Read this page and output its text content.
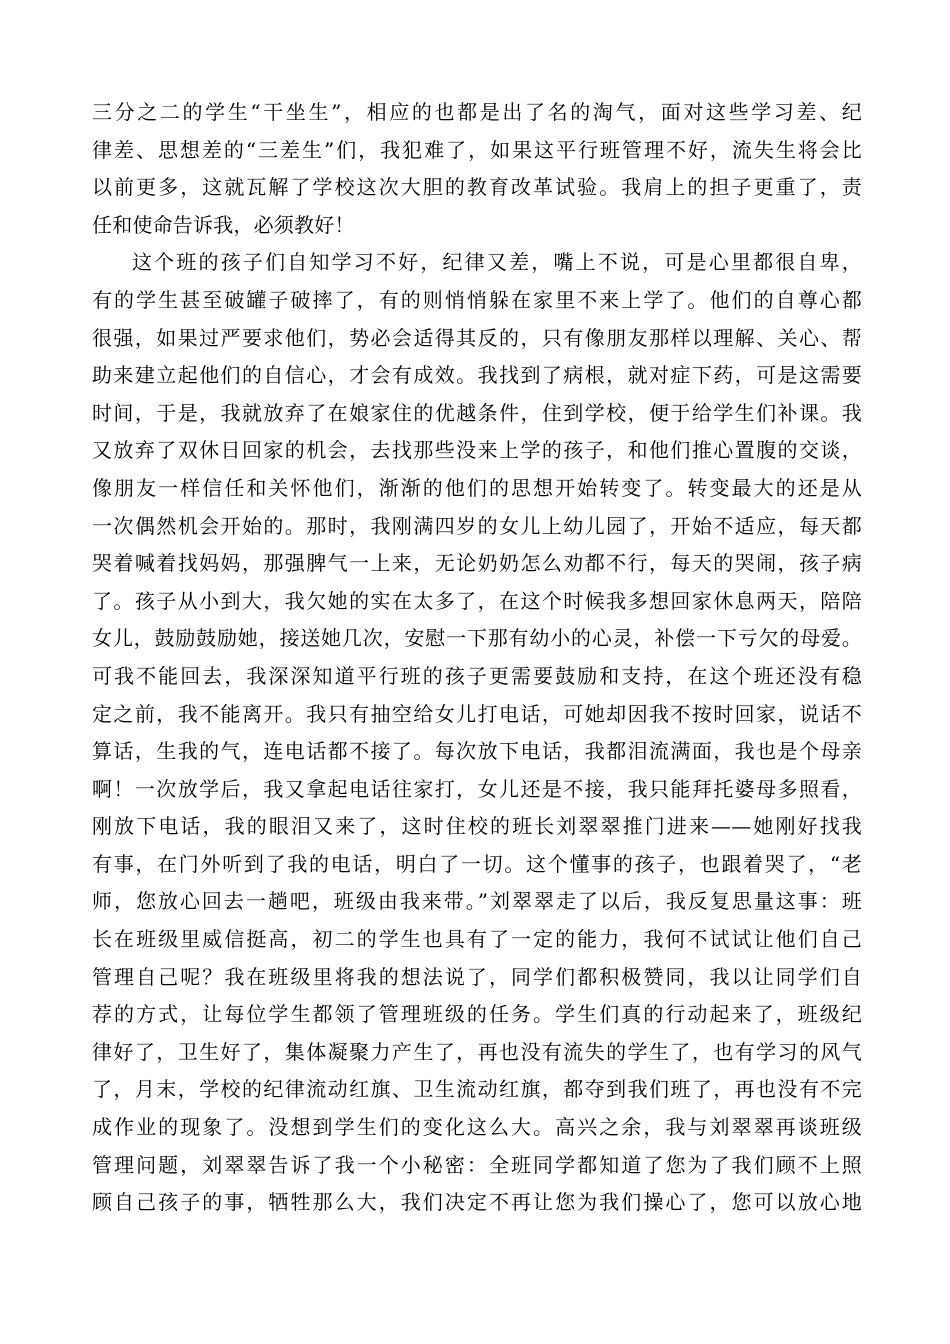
三分之二的学生“干坐生”，相应的也都是出了名的淘气，面对这些学习差、纪
律差、思想差的“三差生”们，我犯难了，如果这平行班管理不好，流失生将会比
以前更多，这就瓦解了学校这次大胆的教育改革试验。我肩上的担子更重了，责
任和使命告诉我，必须教好！
这个班的孩子们自知学习不好，纪律又差，嘴上不说，可是心里都很自卑，
有的学生甚至破罐子破摔了，有的则悄悄躲在家里不来上学了。他们的自尊心都
很强，如果过严要求他们，势必会适得其反的，只有像朋友那样以理解、关心、帮
助来建立起他们的自信心，才会有成效。我找到了病根，就对症下药，可是这需要
时间，于是，我就放弃了在娘家住的优越条件，住到学校，便于给学生们补课。我
又放弃了双休日回家的机会，去找那些没来上学的孩子，和他们推心置腹的交谈，
像朋友一样信任和关怀他们，渐渐的他们的思想开始转变了。转变最大的还是从
一次偶然机会开始的。那时，我刚满四岁的女儿上幼儿园了，开始不适应，每天都
哭着喊着找妈妈，那强脾气一上来，无论奶奶怎么劝都不行，每天的哭闹，孩子病
了。孩子从小到大，我欠她的实在太多了，在这个时候我多想回家休息两天，陪陪
女儿，鼓励鼓励她，接送她几次，安慰一下那有幼小的心灵，补偿一下亏欠的母爱。
可我不能回去，我深深知道平行班的孩子更需要鼓励和支持，在这个班还没有稳
定之前，我不能离开。我只有抽空给女儿打电话，可她却因我不按时回家，说话不
算话，生我的气，连电话都不接了。每次放下电话，我都泪流满面，我也是个母亲
啊！一次放学后，我又拿起电话往家打，女儿还是不接，我只能拜托婆母多照看，
刚放下电话，我的眼泪又来了，这时住校的班长刘翠翠推门进来——她刚好找我
有事，在门外听到了我的电话，明白了一切。这个懂事的孩子，也跟着哭了，“老
师，您放心回去一趟吧，班级由我来带。”刘翠翠走了以后，我反复思量这事：班
长在班级里威信挺高，初二的学生也具有了一定的能力，我何不试试让他们自己
管理自己呢？我在班级里将我的想法说了，同学们都积极赞同，我以让同学们自
荐的方式，让每位学生都领了管理班级的任务。学生们真的行动起来了，班级纪
律好了，卫生好了，集体凝聚力产生了，再也没有流失的学生了，也有学习的风气
了，月末，学校的纪律流动红旗、卫生流动红旗，都夺到我们班了，再也没有不完
成作业的现象了。没想到学生们的变化这么大。高兴之余，我与刘翠翠再谈班级
管理问题，刘翠翠告诉了我一个小秘密：全班同学都知道了您为了我们顾不上照
顾自己孩子的事，牺牲那么大，我们决定不再让您为我们操心了，您可以放心地
